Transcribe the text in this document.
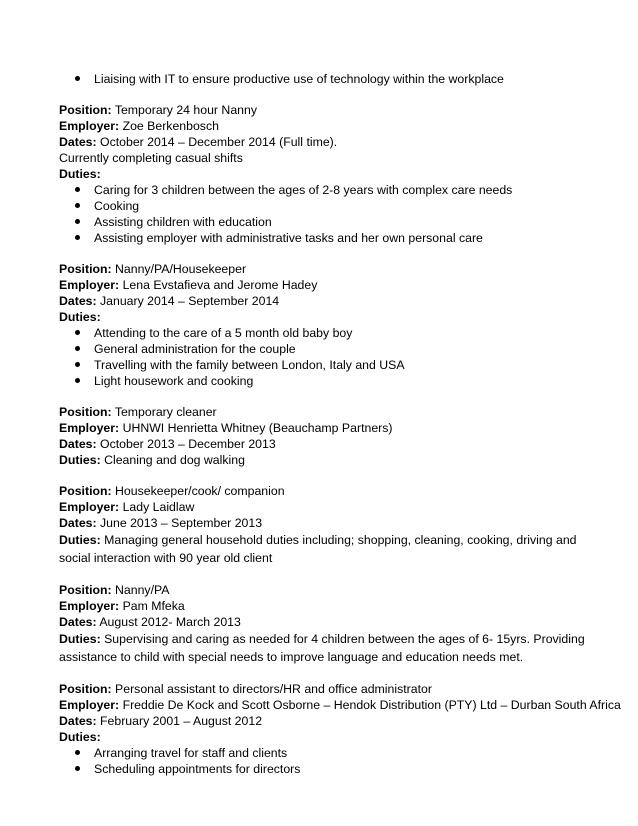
Liaising with IT to ensure productive use of technology within the workplace
Position: Temporary 24 hour Nanny
Employer: Zoe Berkenbosch
Dates: October 2014 – December 2014 (Full time).
Currently completing casual shifts
Duties:
Caring for 3 children between the ages of 2-8 years with complex care needs
Cooking
Assisting children with education
Assisting employer with administrative tasks and her own personal care
Position: Nanny/PA/Housekeeper
Employer: Lena Evstafieva and Jerome Hadey
Dates: January 2014 – September 2014
Duties:
Attending to the care of a 5 month old baby boy
General administration for the couple
Travelling with the family between London, Italy and USA
Light housework and cooking
Position: Temporary cleaner
Employer: UHNWI Henrietta Whitney (Beauchamp Partners)
Dates: October 2013 – December 2013
Duties: Cleaning and dog walking
Position: Housekeeper/cook/ companion
Employer: Lady Laidlaw
Dates: June 2013 – September 2013
Duties: Managing general household duties including; shopping, cleaning, cooking, driving and social interaction with 90 year old client
Position: Nanny/PA
Employer: Pam Mfeka
Dates: August 2012- March 2013
Duties: Supervising and caring as needed for 4 children between the ages of 6- 15yrs. Providing assistance to child with special needs to improve language and education needs met.
Position: Personal assistant to directors/HR and office administrator
Employer: Freddie De Kock and Scott Osborne – Hendok Distribution (PTY) Ltd – Durban South Africa
Dates: February 2001 – August 2012
Duties:
Arranging travel for staff and clients
Scheduling appointments for directors
